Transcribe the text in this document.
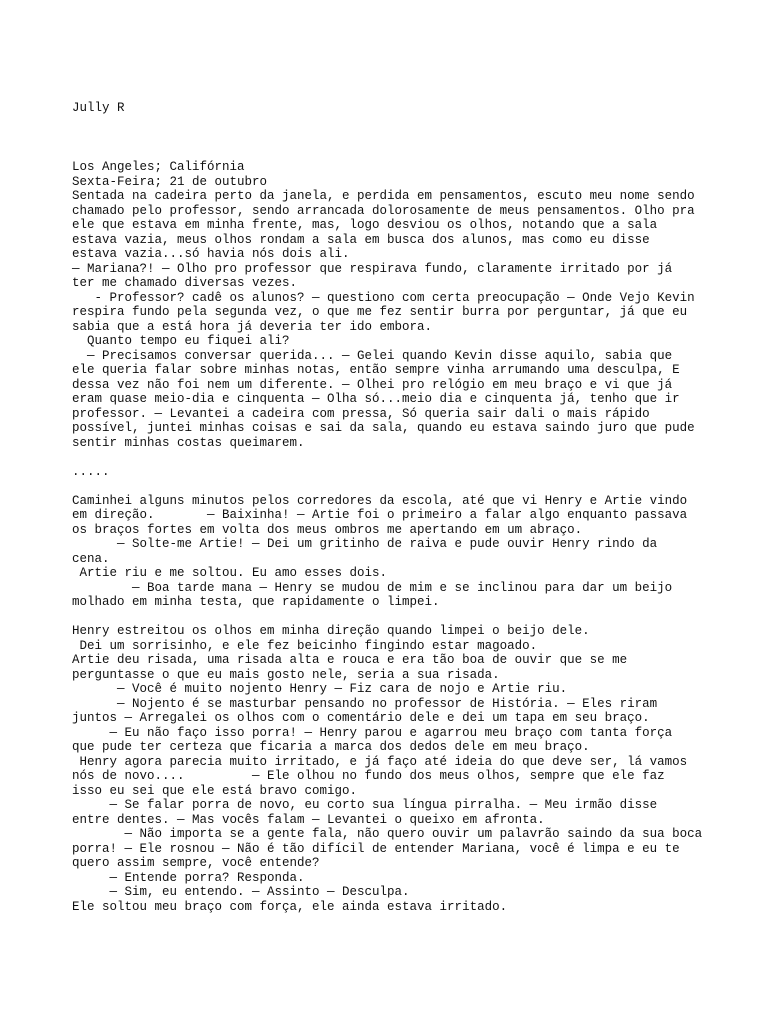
Jully R
Los Angeles; Califórnia
Sexta-Feira; 21 de outubro
Sentada na cadeira perto da janela, e perdida em pensamentos, escuto meu nome sendo
chamado pelo professor, sendo arrancada dolorosamente de meus pensamentos. Olho pra
ele que estava em minha frente, mas, logo desviou os olhos, notando que a sala
estava vazia, meus olhos rondam a sala em busca dos alunos, mas como eu disse
estava vazia...só havia nós dois ali.
— Mariana?! — Olho pro professor que respirava fundo, claramente irritado por já
ter me chamado diversas vezes.
- Professor? cadê os alunos? — questiono com certa preocupação — Onde Vejo Kevin
respira fundo pela segunda vez, o que me fez sentir burra por perguntar, já que eu
sabia que a está hora já deveria ter ido embora.
Quanto tempo eu fiquei ali?
— Precisamos conversar querida... — Gelei quando Kevin disse aquilo, sabia que
ele queria falar sobre minhas notas, então sempre vinha arrumando uma desculpa, E
dessa vez não foi nem um diferente. — Olhei pro relógio em meu braço e vi que já
eram quase meio-dia e cinquenta — Olha só...meio dia e cinquenta já, tenho que ir
professor. — Levantei a cadeira com pressa, Só queria sair dali o mais rápido
possível, juntei minhas coisas e sai da sala, quando eu estava saindo juro que pude
sentir minhas costas queimarem.
.....
Caminhei alguns minutos pelos corredores da escola, até que vi Henry e Artie vindo
em direção.       — Baixinha! — Artie foi o primeiro a falar algo enquanto passava
os braços fortes em volta dos meus ombros me apertando em um abraço.
— Solte-me Artie! — Dei um gritinho de raiva e pude ouvir Henry rindo da
cena.
Artie riu e me soltou. Eu amo esses dois.
— Boa tarde mana — Henry se mudou de mim e se inclinou para dar um beijo
molhado em minha testa, que rapidamente o limpei.
Henry estreitou os olhos em minha direção quando limpei o beijo dele.
Dei um sorrisinho, e ele fez beicinho fingindo estar magoado.
Artie deu risada, uma risada alta e rouca e era tão boa de ouvir que se me
perguntasse o que eu mais gosto nele, seria a sua risada.
— Você é muito nojento Henry — Fiz cara de nojo e Artie riu.
— Nojento é se masturbar pensando no professor de História. — Eles riram
juntos — Arregalei os olhos com o comentário dele e dei um tapa em seu braço.
— Eu não faço isso porra! — Henry parou e agarrou meu braço com tanta força
que pude ter certeza que ficaria a marca dos dedos dele em meu braço.
Henry agora parecia muito irritado, e já faço até ideia do que deve ser, lá vamos
nós de novo....         — Ele olhou no fundo dos meus olhos, sempre que ele faz
isso eu sei que ele está bravo comigo.
— Se falar porra de novo, eu corto sua língua pirralha. — Meu irmão disse
entre dentes. — Mas vocês falam — Levantei o queixo em afronta.
— Não importa se a gente fala, não quero ouvir um palavrão saindo da sua boca
porra! — Ele rosnou — Não é tão difícil de entender Mariana, você é limpa e eu te
quero assim sempre, você entende?
— Entende porra? Responda.
— Sim, eu entendo. — Assinto — Desculpa.
Ele soltou meu braço com força, ele ainda estava irritado.
